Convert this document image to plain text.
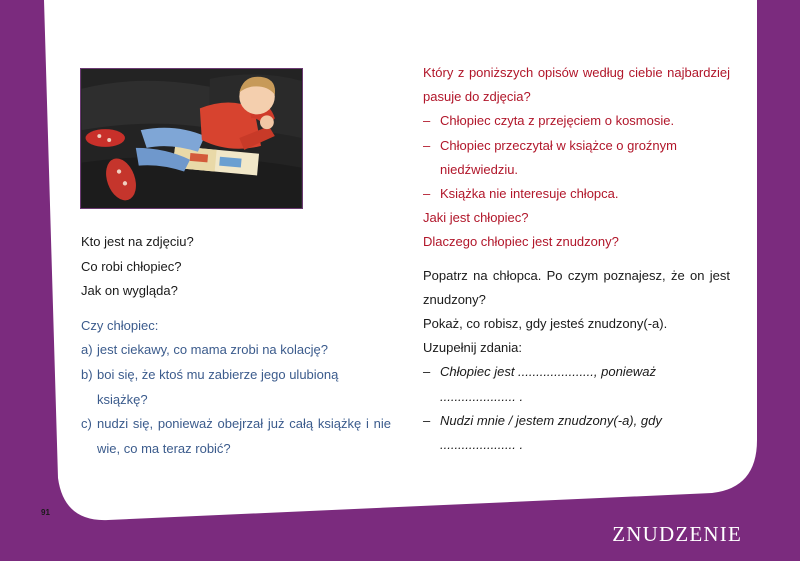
Kto jest na zdjęciu?
Co robi chłopiec?
Jak on wygląda?
Czy chłopiec:
a) jest ciekawy, co mama zrobi na kolację?
b) boi się, że ktoś mu zabierze jego ulubioną książkę?
c) nudzi się, ponieważ obejrzał już całą książkę i nie wie, co ma teraz robić?
Który z poniższych opisów według ciebie najbardziej pasuje do zdjęcia?
– Chłopiec czyta z przejęciem o kosmosie.
– Chłopiec przeczytał w książce o groźnym niedźwiedziu.
– Książka nie interesuje chłopca.
Jaki jest chłopiec?
Dlaczego chłopiec jest znudzony?
Popatrz na chłopca. Po czym poznajesz, że on jest znudzony?
Pokaż, co robisz, gdy jesteś znudzony(-a).
Uzupełnij zdania:
– Chłopiec jest ....................., ponieważ ..................... .
– Nudzi mnie / jestem znudzony(-a), gdy ..................... .
91
ZNUDZENIE
